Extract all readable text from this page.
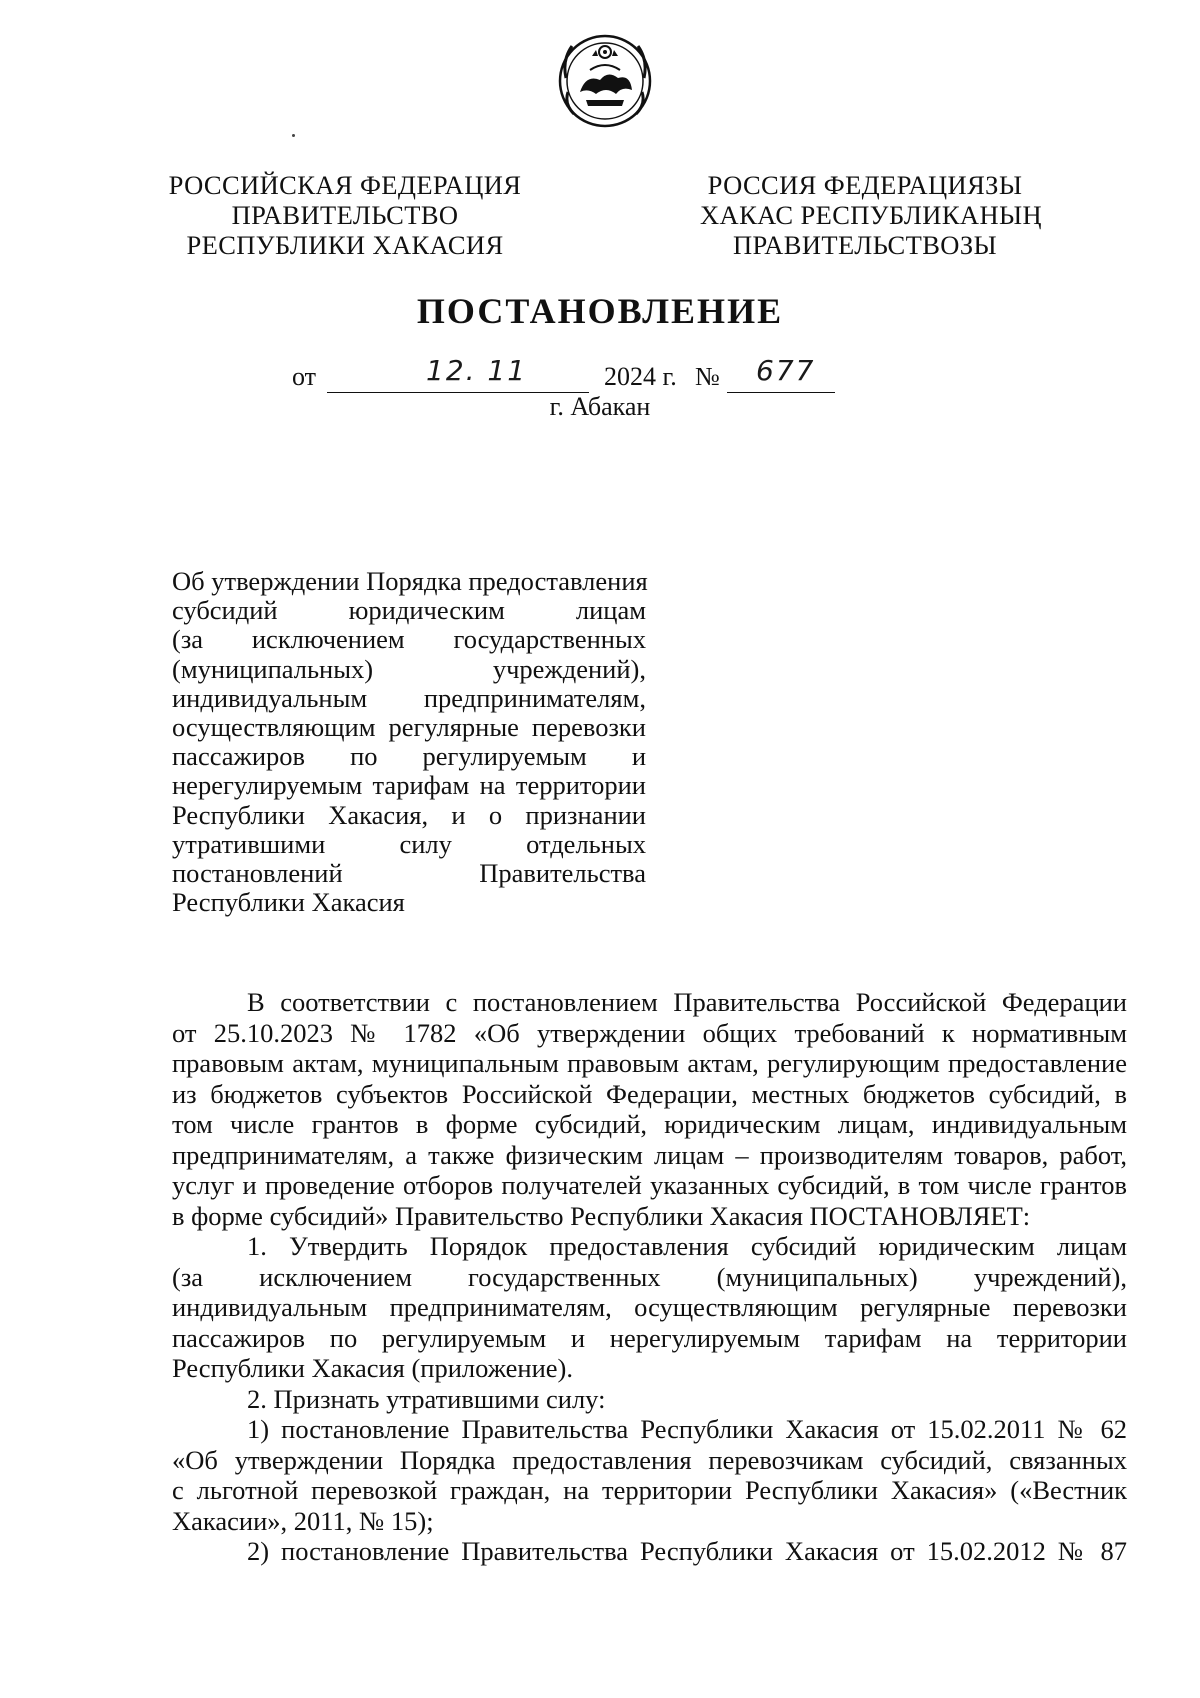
РОССИЙСКАЯ ФЕДЕРАЦИЯ
ПРАВИТЕЛЬСТВО
РЕСПУБЛИКИ ХАКАСИЯ
РОССИЯ ФЕДЕРАЦИЯЗЫ
ХАКАС РЕСПУБЛИКАНЫҢ
ПРАВИТЕЛЬСТВОЗЫ
ПОСТАНОВЛЕНИЕ
от	12. 11	2024 г. № 677
г. Абакан
Об утверждении Порядка предоставления
субсидий юридическим лицам
(за исключением государственных
(муниципальных) учреждений),
индивидуальным предпринимателям,
осуществляющим регулярные перевозки
пассажиров по регулируемым и
нерегулируемым тарифам на территории
Республики Хакасия, и о признании
утратившими силу отдельных
постановлений Правительства
Республики Хакасия
В соответствии с постановлением Правительства Российской Федерации
от 25.10.2023 № 1782 «Об утверждении общих требований к нормативным
правовым актам, муниципальным правовым актам, регулирующим предоставление
из бюджетов субъектов Российской Федерации, местных бюджетов субсидий, в
том числе грантов в форме субсидий, юридическим лицам, индивидуальным
предпринимателям, а также физическим лицам – производителям товаров, работ,
услуг и проведение отборов получателей указанных субсидий, в том числе грантов
в форме субсидий» Правительство Республики Хакасия ПОСТАНОВЛЯЕТ:
1. Утвердить Порядок предоставления субсидий юридическим лицам
(за исключением государственных (муниципальных) учреждений),
индивидуальным предпринимателям, осуществляющим регулярные перевозки
пассажиров по регулируемым и нерегулируемым тарифам на территории
Республики Хакасия (приложение).
2. Признать утратившими силу:
1) постановление Правительства Республики Хакасия от 15.02.2011 № 62
«Об утверждении Порядка предоставления перевозчикам субсидий, связанных
с льготной перевозкой граждан, на территории Республики Хакасия» («Вестник
Хакасии», 2011, № 15);
2) постановление Правительства Республики Хакасия от 15.02.2012 № 87
